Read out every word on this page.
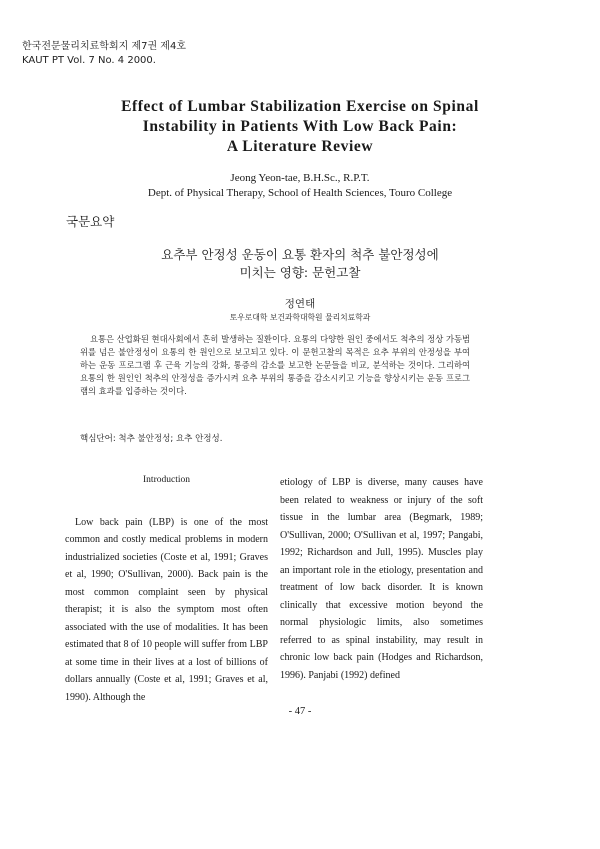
한국전문물리치료학회지 제7권 제4호
KAUT PT Vol. 7 No. 4 2000.
Effect of Lumbar Stabilization Exercise on Spinal
Instability in Patients With Low Back Pain:
A Literature Review
Jeong Yeon-tae, B.H.Sc., R.P.T.
Dept. of Physical Therapy, School of Health Sciences, Touro College
국문요약
요추부 안정성 운동이 요통 환자의 척추 불안정성에
미치는 영향: 문헌고찰
정연태
토우로대학 보건과학대학원 물리치료학과

요통은 산업화된 현대사회에서 흔히 발생하는 질환이다. 요통의 다양한 원인 중에서도 척추의 정상 가동범위를 넘은 불안정성이 요통의 한 원인으로 보고되고 있다. 이 문헌고찰의 목적은 요추 부위의 안정성을 부여하는 운동 프로그램 후 근육 기능의 강화, 통증의 감소를 보고한 논문들을 비교, 분석하는 것이다. 그리하여 요통의 한 원인인 척추의 안정성을 증가시켜 요추 부위의 통증을 감소시키고 기능을 향상시키는 운동 프로그램의 효과를 입증하는 것이다.

핵심단어: 척추 불안정성; 요추 안정성.
Introduction

Low back pain (LBP) is one of the most common and costly medical problems in modern industrialized societies (Coste et al, 1991; Graves et al, 1990; O'Sullivan, 2000). Back pain is the most common complaint seen by physical therapist; it is also the symptom most often associated with the use of modalities. It has been estimated that 8 of 10 people will suffer from LBP at some time in their lives at a lost of billions of dollars annually (Coste et al, 1991; Graves et al, 1990). Although the

etiology of LBP is diverse, many causes have been related to weakness or injury of the soft tissue in the lumbar area (Begmark, 1989; O'Sullivan, 2000; O'Sullivan et al, 1997; Pangabi, 1992; Richardson and Jull, 1995). Muscles play an important role in the etiology, presentation and treatment of low back disorder. It is known clinically that excessive motion beyond the normal physiologic limits, also sometimes referred to as spinal instability, may result in chronic low back pain (Hodges and Richardson, 1996). Panjabi (1992) defined

- 47 -
